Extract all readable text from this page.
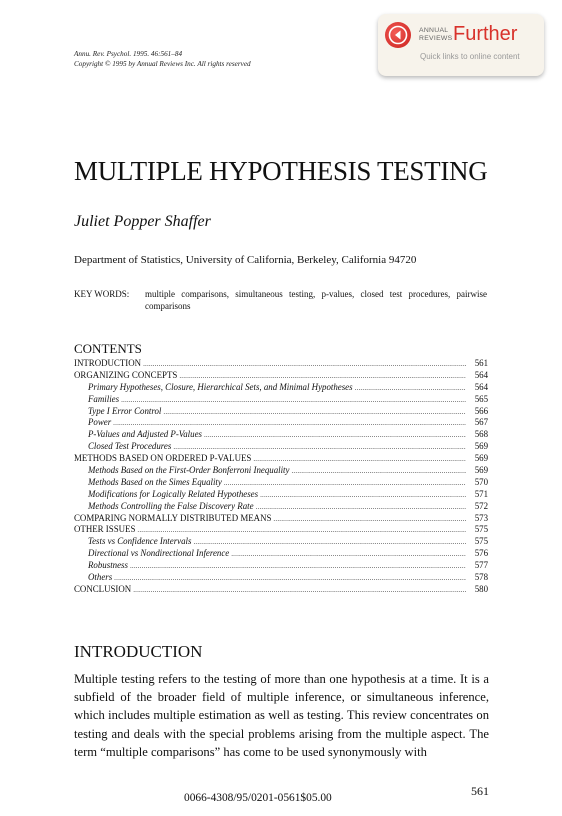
Annu. Rev. Psychol. 1995. 46:561–84
Copyright © 1995 by Annual Reviews Inc. All rights reserved
ANNUAL
REVIEWS Further
Quick links to online content
MULTIPLE HYPOTHESIS TESTING
Juliet Popper Shaffer
Department of Statistics, University of California, Berkeley, California 94720
KEY WORDS: multiple comparisons, simultaneous testing, p-values, closed test procedures, pairwise comparisons
CONTENTS
INTRODUCTION .....	561
ORGANIZING CONCEPTS .....	564
Primary Hypotheses, Closure, Hierarchical Sets, and Minimal Hypotheses .....	564
Families .....	565
Type I Error Control .....	566
Power .....	567
P-Values and Adjusted P-Values .....	568
Closed Test Procedures .....	569
METHODS BASED ON ORDERED P-VALUES .....	569
Methods Based on the First-Order Bonferroni Inequality .....	569
Methods Based on the Simes Equality .....	570
Modifications for Logically Related Hypotheses .....	571
Methods Controlling the False Discovery Rate .....	572
COMPARING NORMALLY DISTRIBUTED MEANS .....	573
OTHER ISSUES .....	575
Tests vs Confidence Intervals .....	575
Directional vs Nondirectional Inference .....	576
Robustness .....	577
Others .....	578
CONCLUSION .....	580
INTRODUCTION
Multiple testing refers to the testing of more than one hypothesis at a time. It is a subfield of the broader field of multiple inference, or simultaneous inference, which includes multiple estimation as well as testing. This review concentrates on testing and deals with the special problems arising from the multiple aspect. The term “multiple comparisons” has come to be used synonymously with
0066-4308/95/0201-0561$05.00	561
